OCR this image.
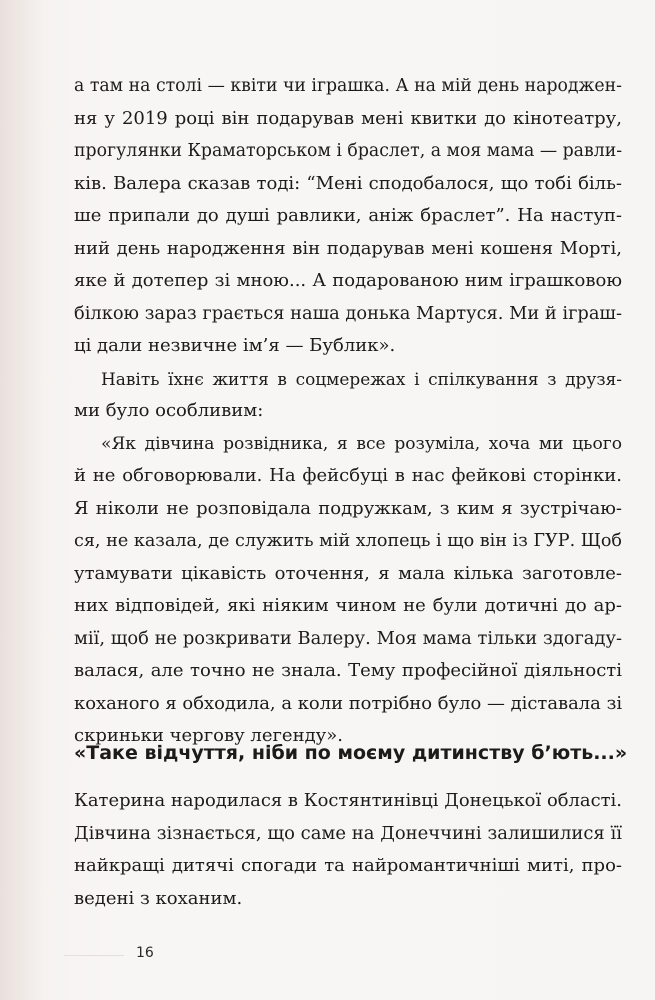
а там на столі — квіти чи іграшка. А на мій день народжен-
ня у 2019 році він подарував мені квитки до кінотеатру,
прогулянки Краматорськом і браслет, а моя мама — равли-
ків. Валера сказав тоді: “Мені сподобалося, що тобі біль-
ше припали до душі равлики, аніж браслет”. На наступ-
ний день народження він подарував мені кошеня Морті,
яке й дотепер зі мною... А подарованою ним іграшковою
білкою зараз грається наша донька Мартуся. Ми й іграш-
ці дали незвичне ім’я — Бублик».
Навіть їхнє життя в соцмережах і спілкування з друзя-
ми було особливим:
«Як дівчина розвідника, я все розуміла, хоча ми цього
й не обговорювали. На фейсбуці в нас фейкові сторінки.
Я ніколи не розповідала подружкам, з ким я зустрічаю-
ся, не казала, де служить мій хлопець і що він із ГУР. Щоб
утамувати цікавість оточення, я мала кілька заготовле-
них відповідей, які ніяким чином не були дотичні до ар-
мії, щоб не розкривати Валеру. Моя мама тільки здогаду-
валася, але точно не знала. Тему професійної діяльності
коханого я обходила, а коли потрібно було — діставала зі
скриньки чергову легенду».
«Таке відчуття, ніби по моєму дитинству б’ють...»
Катерина народилася в Костянтинівці Донецької області.
Дівчина зізнається, що саме на Донеччині залишилися її
найкращі дитячі спогади та найромантичніші миті, про-
ведені з коханим.
16
